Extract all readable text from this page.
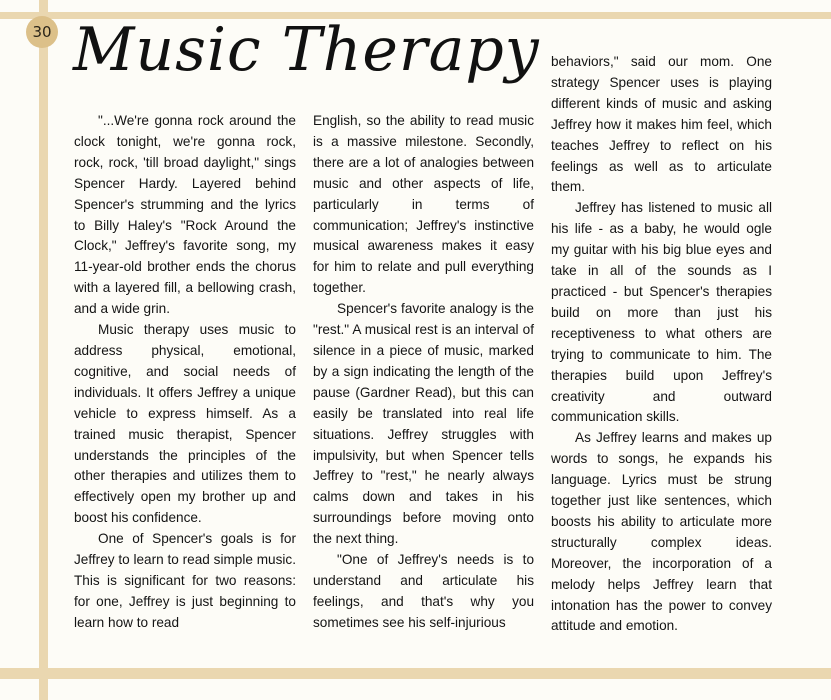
30 Music Therapy

"...We're gonna rock around the clock tonight, we're gonna rock, rock, rock, 'till broad daylight," sings Spencer Hardy. Layered behind Spencer's strumming and the lyrics to Billy Haley's "Rock Around the Clock," Jeffrey's favorite song, my 11-year-old brother ends the chorus with a layered fill, a bellowing crash, and a wide grin.

Music therapy uses music to address physical, emotional, cognitive, and social needs of individuals. It offers Jeffrey a unique vehicle to express himself. As a trained music therapist, Spencer understands the principles of the other therapies and utilizes them to effectively open my brother up and boost his confidence.

One of Spencer's goals is for Jeffrey to learn to read simple music. This is significant for two reasons: for one, Jeffrey is just beginning to learn how to read

English, so the ability to read music is a massive milestone. Secondly, there are a lot of analogies between music and other aspects of life, particularly in terms of communication; Jeffrey's instinctive musical awareness makes it easy for him to relate and pull everything together.

Spencer's favorite analogy is the "rest." A musical rest is an interval of silence in a piece of music, marked by a sign indicating the length of the pause (Gardner Read), but this can easily be translated into real life situations. Jeffrey struggles with impulsivity, but when Spencer tells Jeffrey to "rest," he nearly always calms down and takes in his surroundings before moving onto the next thing.

"One of Jeffrey's needs is to understand and articulate his feelings, and that's why you sometimes see his self-injurious

behaviors," said our mom. One strategy Spencer uses is playing different kinds of music and asking Jeffrey how it makes him feel, which teaches Jeffrey to reflect on his feelings as well as to articulate them.

Jeffrey has listened to music all his life - as a baby, he would ogle my guitar with his big blue eyes and take in all of the sounds as I practiced - but Spencer's therapies build on more than just his receptiveness to what others are trying to communicate to him. The therapies build upon Jeffrey's creativity and outward communication skills.

As Jeffrey learns and makes up words to songs, he expands his language. Lyrics must be strung together just like sentences, which boosts his ability to articulate more structurally complex ideas. Moreover, the incorporation of a melody helps Jeffrey learn that intonation has the power to convey attitude and emotion.
